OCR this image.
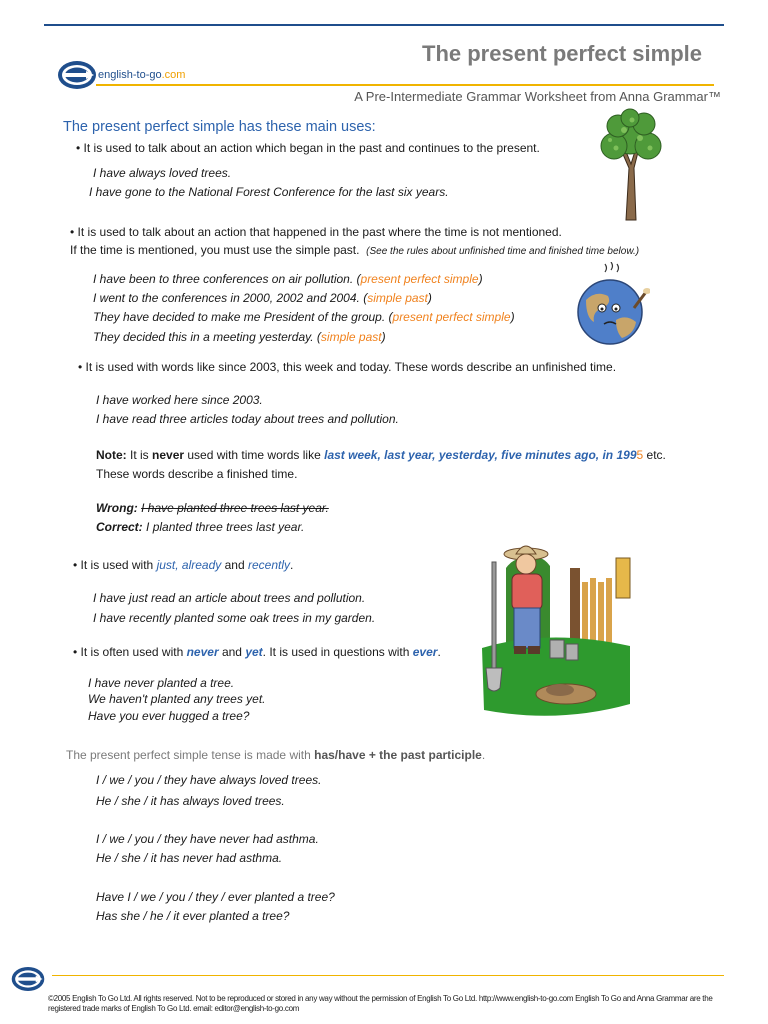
The present perfect simple
english-to-go.com
A Pre-Intermediate Grammar Worksheet from Anna Grammar™
The present perfect simple has these main uses:
• It is used to talk about an action which began in the past and continues to the present.
I have always loved trees.
I have gone to the National Forest Conference for the last six years.
• It is used to talk about an action that happened in the past where the time is not mentioned.
If the time is mentioned, you must use the simple past. (See the rules about unfinished time and finished time below.)
I have been to three conferences on air pollution. (present perfect simple)
I went to the conferences in 2000, 2002 and 2004. (simple past)
They have decided to make me President of the group. (present perfect simple)
They decided this in a meeting yesterday. (simple past)
• It is used with words like since 2003, this week and today. These words describe an unfinished time.
I have worked here since 2003.
I have read three articles today about trees and pollution.
Note: It is never used with time words like last week, last year, yesterday, five minutes ago, in 1995 etc.
These words describe a finished time.
Wrong: I have planted three trees last year.
Correct: I planted three trees last year.
• It is used with just, already and recently.
I have just read an article about trees and pollution.
I have recently planted some oak trees in my garden.
• It is often used with never and yet. It is used in questions with ever.
I have never planted a tree.
We haven't planted any trees yet.
Have you ever hugged a tree?
The present perfect simple tense is made with has/have + the past participle.
I / we / you / they have always loved trees.
He / she / it has always loved trees.
I / we / you / they have never had asthma.
He / she / it has never had asthma.
Have I / we / you / they / ever planted a tree?
Has she / he / it ever planted a tree?
©2005 English To Go Ltd. All rights reserved. Not to be reproduced or stored in any way without the permission of English To Go Ltd. http://www.english-to-go.com English To Go and Anna Grammar are the registered trade marks of English To Go Ltd. email: editor@english-to-go.com
